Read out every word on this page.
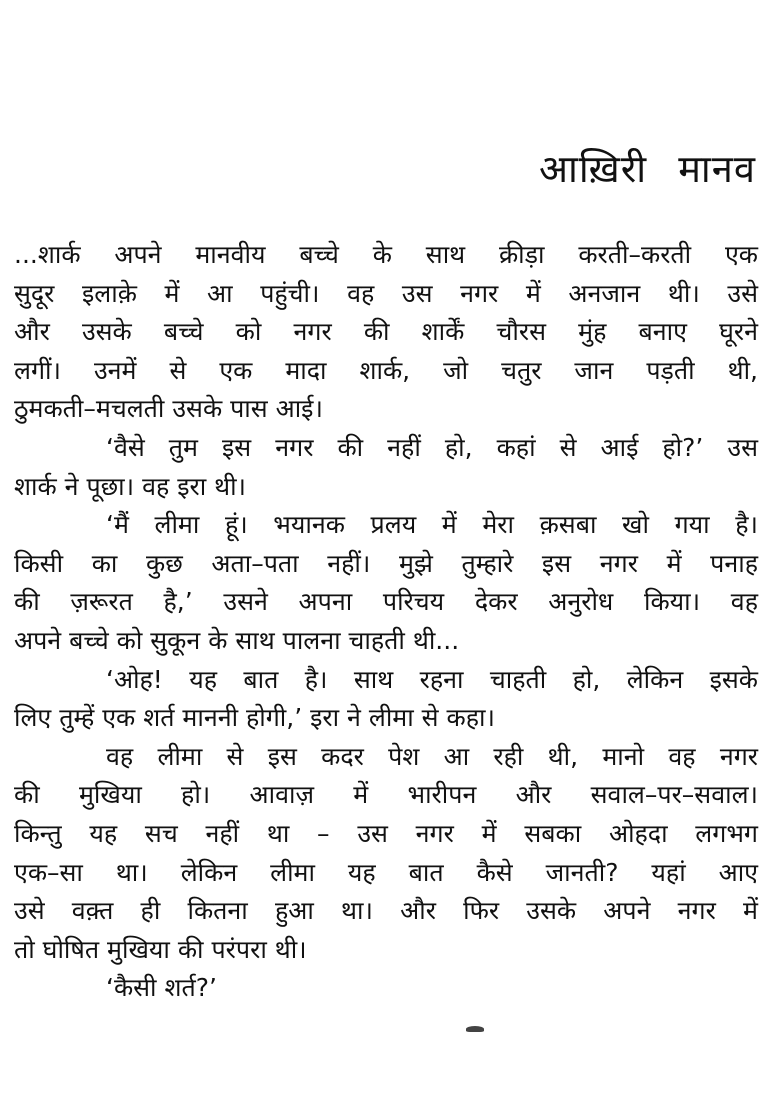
आख़िरी मानव
...शार्क अपने मानवीय बच्चे के साथ क्रीड़ा करती–करती एक
सुदूर इलाक़े में आ पहुंची। वह उस नगर में अनजान थी। उसे
और उसके बच्चे को नगर की शार्कें चौरस मुंह बनाए घूरने
लगीं। उनमें से एक मादा शार्क, जो चतुर जान पड़ती थी,
ठुमकती–मचलती उसके पास आई।
‘वैसे तुम इस नगर की नहीं हो, कहां से आई हो?’ उस
शार्क ने पूछा। वह इरा थी।
‘मैं लीमा हूं। भयानक प्रलय में मेरा क़सबा खो गया है।
किसी का कुछ अता–पता नहीं। मुझे तुम्हारे इस नगर में पनाह
की ज़रूरत है,’ उसने अपना परिचय देकर अनुरोध किया। वह
अपने बच्चे को सुकून के साथ पालना चाहती थी...
‘ओह! यह बात है। साथ रहना चाहती हो, लेकिन इसके
लिए तुम्हें एक शर्त माननी होगी,’ इरा ने लीमा से कहा।
वह लीमा से इस कदर पेश आ रही थी, मानो वह नगर
की मुखिया हो। आवाज़ में भारीपन और सवाल–पर–सवाल।
किन्तु यह सच नहीं था – उस नगर में सबका ओहदा लगभग
एक–सा था। लेकिन लीमा यह बात कैसे जानती? यहां आए
उसे वक़्त ही कितना हुआ था। और फिर उसके अपने नगर में
तो घोषित मुखिया की परंपरा थी।
‘कैसी शर्त?’
